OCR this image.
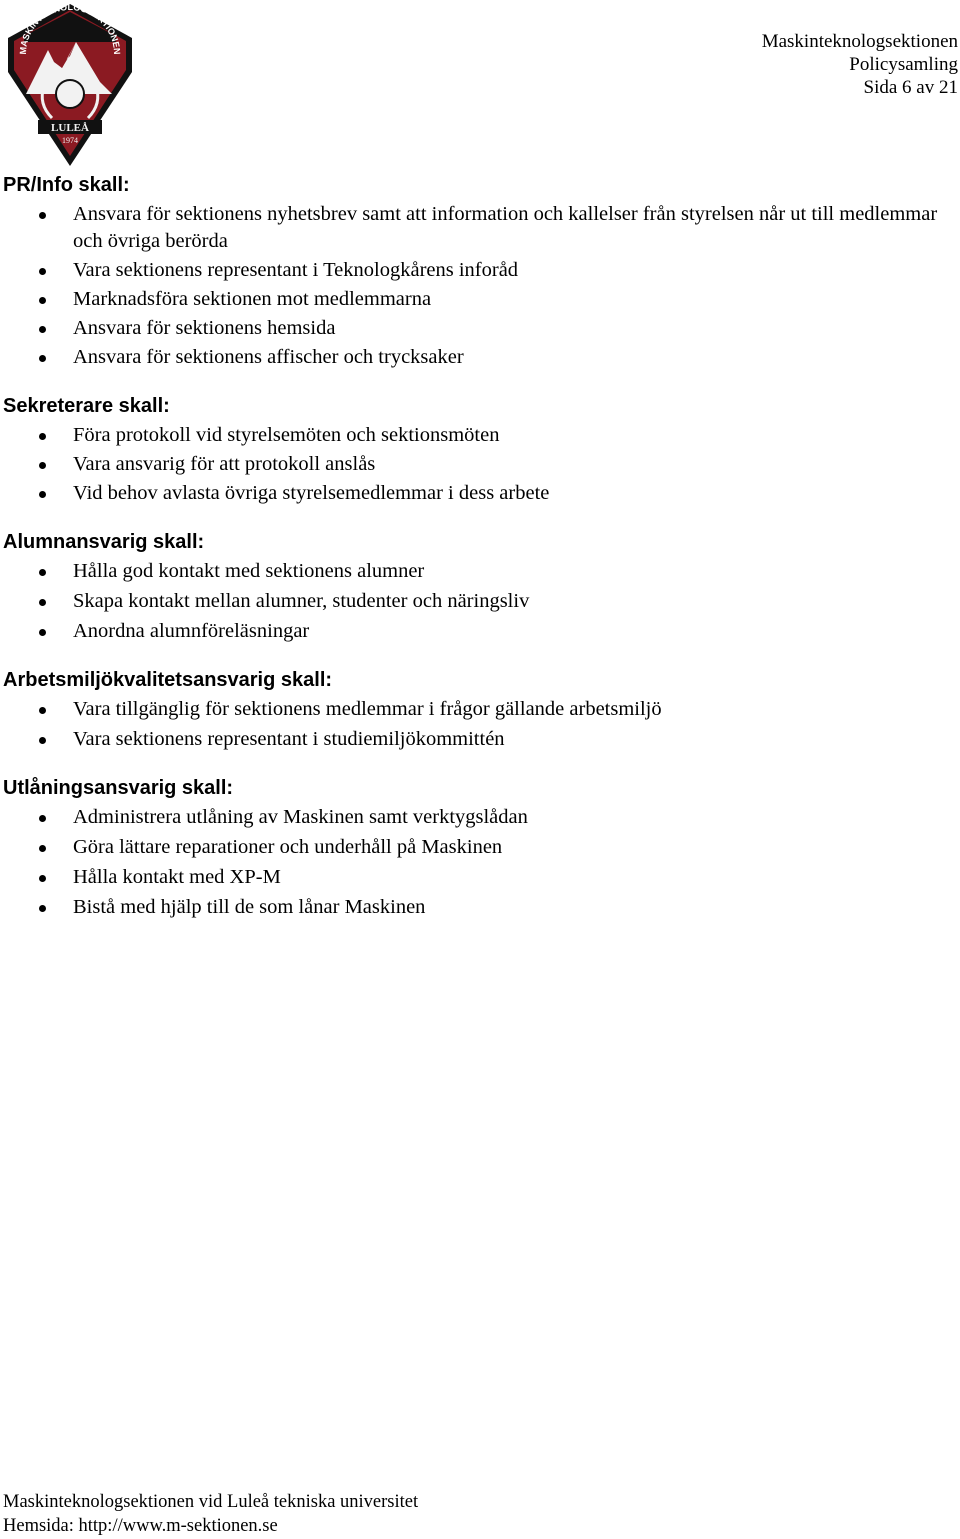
MASKINTEKNOLOGSEKTIONEN
LULEÅ
1974
Maskinteknologsektionen
Policysamling
Sida 6 av 21
PR/Info skall:
Ansvara för sektionens nyhetsbrev samt att information och kallelser från styrelsen når ut till medlemmar och övriga berörda
Vara sektionens representant i Teknologkårens inforåd
Marknadsföra sektionen mot medlemmarna
Ansvara för sektionens hemsida
Ansvara för sektionens affischer och trycksaker
Sekreterare skall:
Föra protokoll vid styrelsemöten och sektionsmöten
Vara ansvarig för att protokoll anslås
Vid behov avlasta övriga styrelsemedlemmar i dess arbete
Alumnansvarig skall:
Hålla god kontakt med sektionens alumner
Skapa kontakt mellan alumner, studenter och näringsliv
Anordna alumnföreläsningar
Arbetsmiljökvalitetsansvarig skall:
Vara tillgänglig för sektionens medlemmar i frågor gällande arbetsmiljö
Vara sektionens representant i studiemiljökommittén
Utlåningsansvarig skall:
Administrera utlåning av Maskinen samt verktygslådan
Göra lättare reparationer och underhåll på Maskinen
Hålla kontakt med XP-M
Bistå med hjälp till de som lånar Maskinen
Maskinteknologsektionen vid Luleå tekniska universitet
Hemsida: http://www.m-sektionen.se
